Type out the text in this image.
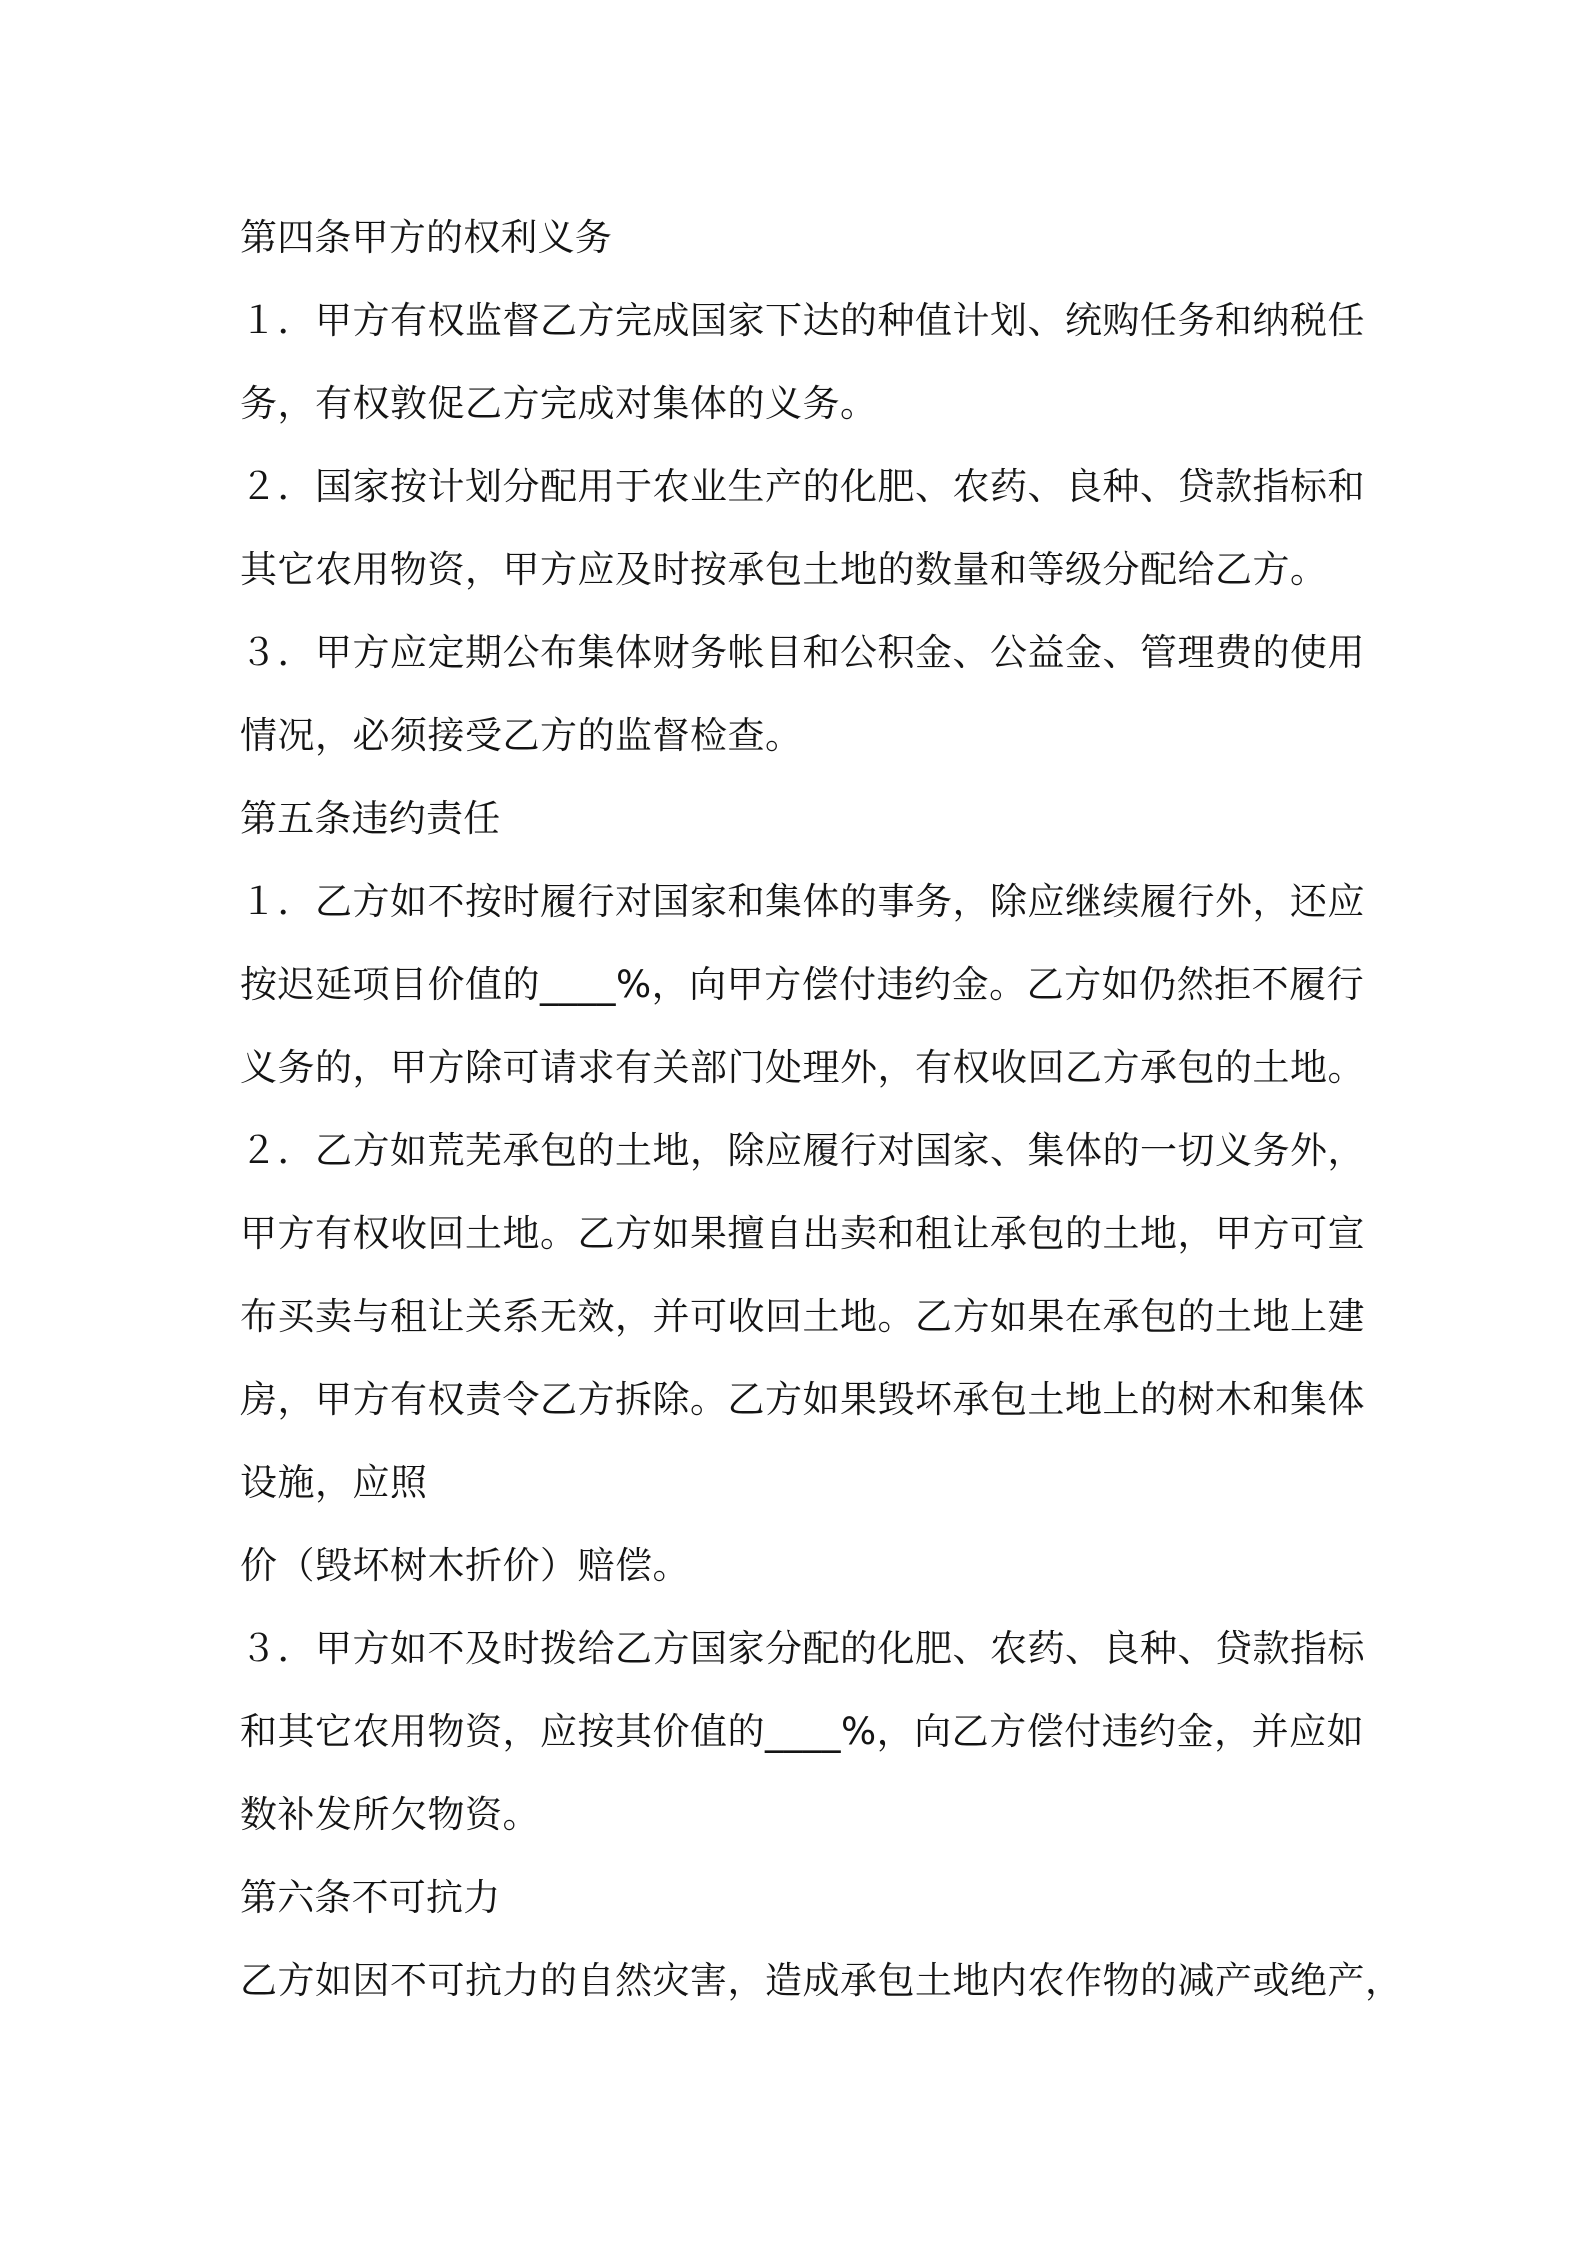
第四条甲方的权利义务
１．甲方有权监督乙方完成国家下达的种值计划、统购任务和纳税任
务，有权敦促乙方完成对集体的义务。
２．国家按计划分配用于农业生产的化肥、农药、良种、贷款指标和
其它农用物资，甲方应及时按承包土地的数量和等级分配给乙方。
３．甲方应定期公布集体财务帐目和公积金、公益金、管理费的使用
情况，必须接受乙方的监督检查。
第五条违约责任
１．乙方如不按时履行对国家和集体的事务，除应继续履行外，还应
按迟延项目价值的____%，向甲方偿付违约金。乙方如仍然拒不履行
义务的，甲方除可请求有关部门处理外，有权收回乙方承包的土地。
２．乙方如荒芜承包的土地，除应履行对国家、集体的一切义务外，
甲方有权收回土地。乙方如果擅自出卖和租让承包的土地，甲方可宣
布买卖与租让关系无效，并可收回土地。乙方如果在承包的土地上建
房，甲方有权责令乙方拆除。乙方如果毁坏承包土地上的树木和集体
设施，应照
价（毁坏树木折价）赔偿。
３．甲方如不及时拨给乙方国家分配的化肥、农药、良种、贷款指标
和其它农用物资，应按其价值的____%，向乙方偿付违约金，并应如
数补发所欠物资。
第六条不可抗力
乙方如因不可抗力的自然灾害，造成承包土地内农作物的减产或绝产，
